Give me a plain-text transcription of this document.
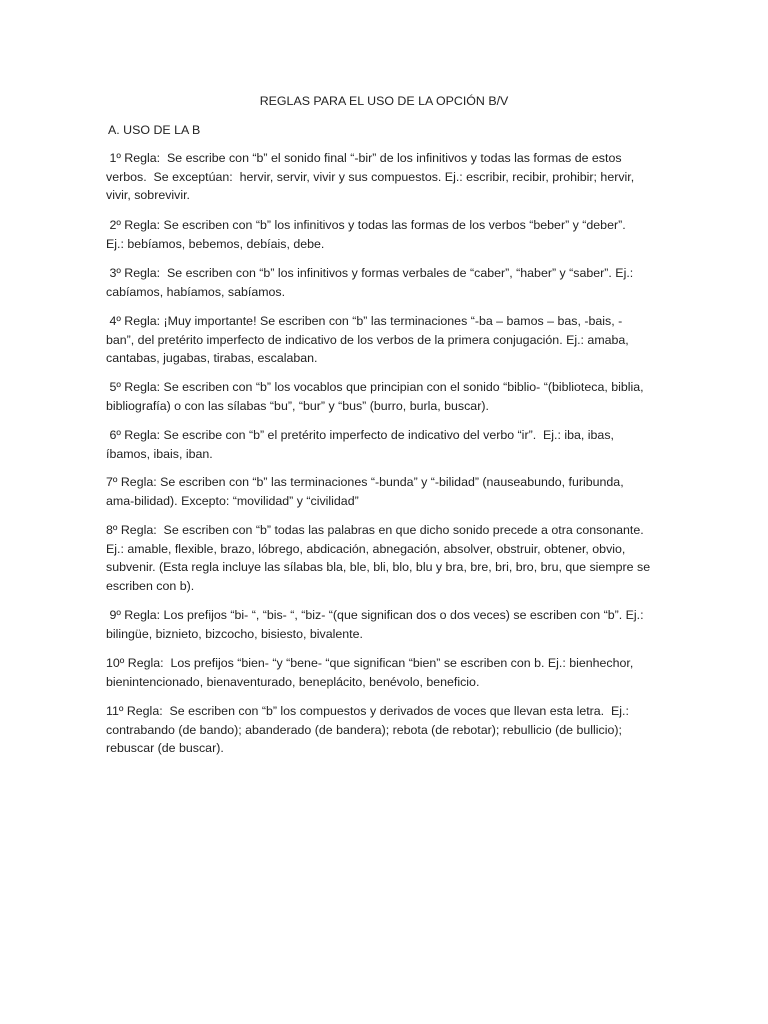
REGLAS PARA EL USO DE LA OPCIÓN B/V
A. USO DE LA B
1º Regla:  Se escribe con “b” el sonido final “-bir” de los infinitivos y todas las formas de estos
verbos.  Se exceptúan:  hervir, servir, vivir y sus compuestos. Ej.: escribir, recibir, prohibir; hervir,
vivir, sobrevivir.
2º Regla: Se escriben con “b” los infinitivos y todas las formas de los verbos “beber” y “deber”.
Ej.: bebíamos, bebemos, debíais, debe.
3º Regla:  Se escriben con “b” los infinitivos y formas verbales de “caber”, “haber” y “saber”. Ej.:
cabíamos, habíamos, sabíamos.
4º Regla: ¡Muy importante! Se escriben con “b” las terminaciones “-ba – bamos – bas, -bais, -
ban”, del pretérito imperfecto de indicativo de los verbos de la primera conjugación. Ej.: amaba,
cantabas, jugabas, tirabas, escalaban.
5º Regla: Se escriben con “b” los vocablos que principian con el sonido “biblio- “(biblioteca, biblia,
bibliografía) o con las sílabas “bu”, “bur” y “bus” (burro, burla, buscar).
6º Regla: Se escribe con “b” el pretérito imperfecto de indicativo del verbo “ir”.  Ej.: iba, ibas,
íbamos, ibais, iban.
7º Regla: Se escriben con “b” las terminaciones “-bunda” y “-bilidad” (nauseabundo, furibunda,
ama-bilidad). Excepto: “movilidad” y “civilidad”
8º Regla:  Se escriben con “b” todas las palabras en que dicho sonido precede a otra consonante.
Ej.: amable, flexible, brazo, lóbrego, abdicación, abnegación, absolver, obstruir, obtener, obvio,
subvenir. (Esta regla incluye las sílabas bla, ble, bli, blo, blu y bra, bre, bri, bro, bru, que siempre se
escriben con b).
9º Regla: Los prefijos “bi- “, “bis- “, “biz- “(que significan dos o dos veces) se escriben con “b”. Ej.:
bilingüe, biznieto, bizcocho, bisiesto, bivalente.
10º Regla:  Los prefijos “bien- “y “bene- “que significan “bien” se escriben con b. Ej.: bienhechor,
bienintencionado, bienaventurado, beneplácito, benévolo, beneficio.
11º Regla:  Se escriben con “b” los compuestos y derivados de voces que llevan esta letra.  Ej.:
contrabando (de bando); abanderado (de bandera); rebota (de rebotar); rebullicio (de bullicio);
rebuscar (de buscar).
